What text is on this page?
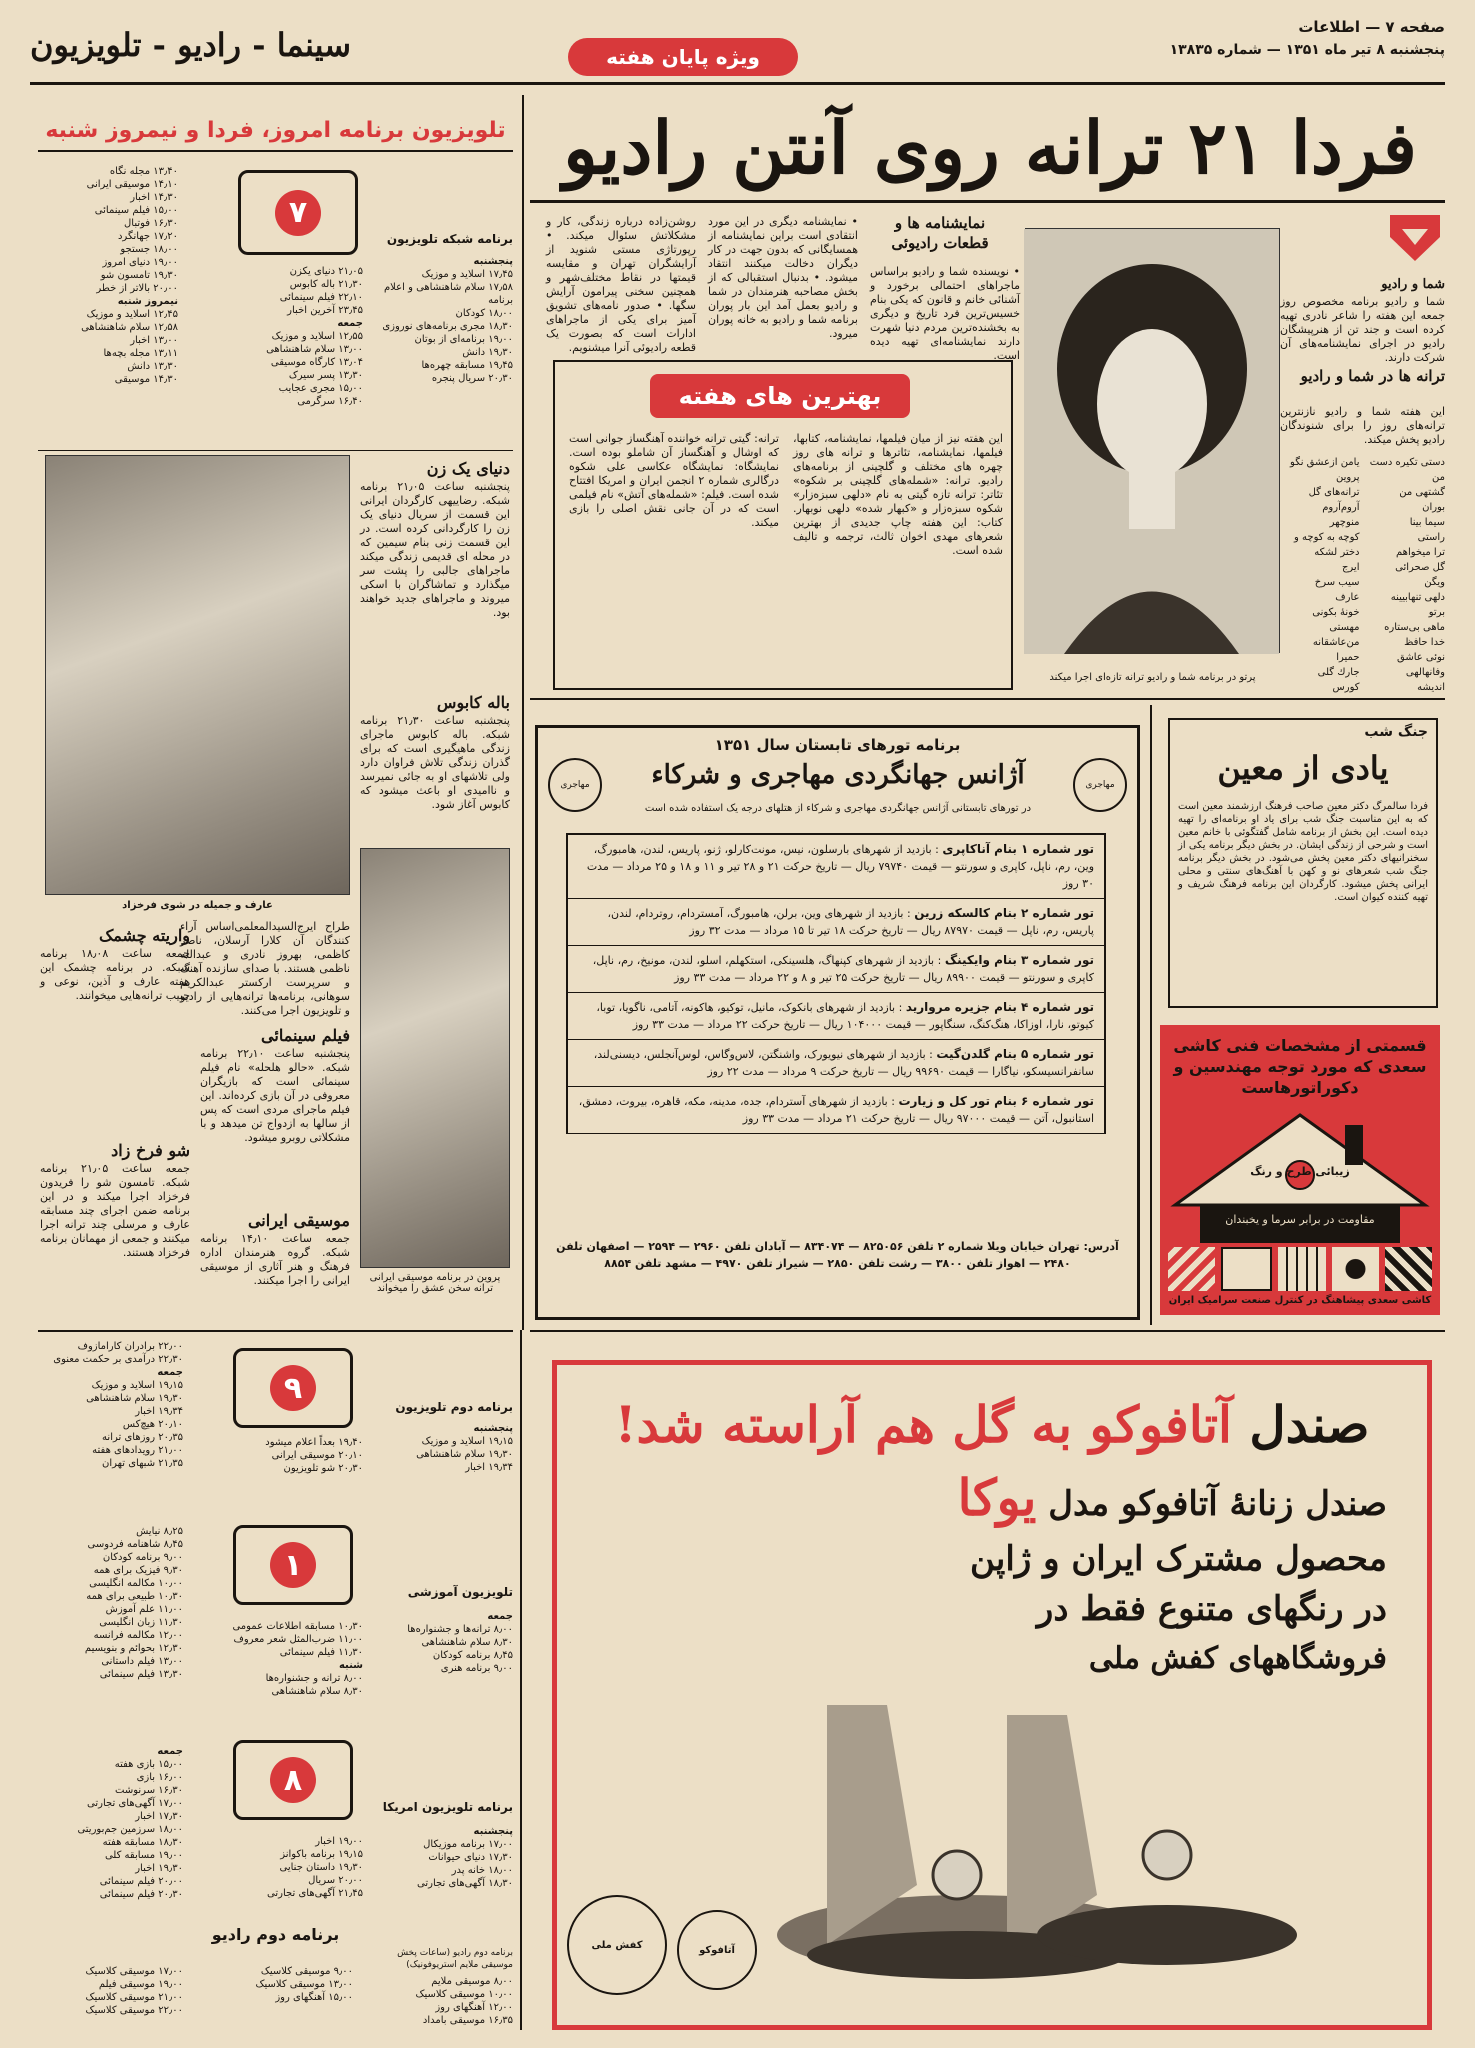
صفحه ۷ — اطلاعات
پنجشنبه ۸ تیر ماه ۱۳۵۱ — شماره ۱۳۸۳۵
ویژه پایان هفته
سینما - رادیو - تلویزیون
فردا ۲۱ ترانه روی آنتن رادیو
شما و رادیو
شما و رادیو برنامه مخصوص روز جمعه این هفته را شاعر نادری تهیه کرده است و جند تن از هنرپیشگان رادیو در اجرای نمایشنامه‌های آن شرکت دارند.
ترانه ها در شما و رادیو
این هفته شما و رادیو نازنترین ترانه‌های روز را برای شنوندگان رادیو پخش میکند.
دستی تکیره دست من
گشتهی من
بوران
سیما بینا
راستی
ترا میخواهم
گل صحرائی
ویگن
دلهی تنهابیینه
برتو
ماهی بی‌ستاره
خدا حافظ
نوئی عاشق وفانهالهی
اندیشه
یامن ازعشق نگو
پروین
ترانه‌های گل آروم‌آروم
منوچهر
کوچه به کوچه و دختر لشکه
ایرج
سیب سرخ
عارف
خونهٔ بکونی
مهستی
من‌عاشقانه
حمیرا
جارك گلی
کورس
پرتو در برنامه شما و رادیو ترانه تازه‌ای اجرا میکند
نمایشنامه ها و قطعات رادیوئی
• نویسنده شما و رادیو براساس ماجراهای احتمالی برخورد و آشنائی خانم و قانون که یکی بنام خسیس‌ترین فرد تاریخ و دیگری به بخشنده‌ترین مردم دنیا شهرت دارند نمایشنامه‌ای تهیه دیده است.
• نمایشنامه دیگری در این مورد انتقادی است براین نمایشنامه از همسایگانی که بدون جهت در کار دیگران دخالت میکنند انتقاد میشود. • بدنبال استقبالی که از بخش مصاحبه هنرمندان در شما و رادیو بعمل آمد این بار پوران برنامه شما و رادیو به خانه پوران میرود.
روشن‌زاده درباره زندگی، کار و مشکلاتش سئوال میکند. • رپورتاژی مستی شنوید از آرایشگران تهران و مقایسه قیمتها در نقاط مختلف‌شهر و همچنین سخنی پیرامون آرایش سگها. • صدور نامه‌های تشویق آمیز برای یکی از ماجراهای ادارات است که بصورت یک قطعه رادیوئی آنرا میشنویم.
بهترین های هفته
این هفته نیز از میان فیلمها، نمایشنامه، کتابها، فیلمها، نمایشنامه، تئاترها و ترانه های روز چهره های مختلف و گلچینی از برنامه‌های رادیو. ترانه: «شمله‌های گلچینی بر شکوه» تئاتر: ترانه تازه گیتی به نام «دلهی سبزه‌زار» شکوه سبزه‌زار و «کبهار شده» دلهی نوبهار. کتاب: این هفته چاپ جدیدی از بهترین شعرهای مهدی اخوان ثالث، ترجمه و تالیف شده است.
ترانه: گیتی ترانه خواننده آهنگساز جوانی است که اوشال و آهنگساز آن شاملو بوده است. نمایشگاه: نمایشگاه عکاسی علی شکوه درگالری شماره ۲ انجمن ایران و امریکا افتتاح شده است. فیلم: «شمله‌های آتش» نام فیلمی است که در آن جانی نقش اصلی را بازی میکند.
جنگ شب
یادی از معین
فردا سالمرگ دکتر معین صاحب فرهنگ ارزشمند معین است که به این مناسبت جنگ شب برای یاد او برنامه‌ای را تهیه دیده است. این بخش از برنامه شامل گفتگوئی با خانم معین است و شرحی از زندگی ایشان. در بخش دیگر برنامه یکی از سخنرانیهای دکتر معین پخش می‌شود. در بخش دیگر برنامه جنگ شب شعرهای نو و کهن با آهنگ‌های سنتی و محلی ایرانی پخش میشود. کارگردان این برنامه فرهنگ شریف و تهیه کننده کیوان است.
قسمتی از مشخصات فنی کاشی سعدی که مورد توجه مهندسین و دکوراتورهاست
زیبائی طرح و رنگ
مقاومت در برابر سرما و یخبندان
کاشی سعدی پیشاهنگ در کنترل صنعت سرامیک ایران
برنامه تورهای تابستان سال ۱۳۵۱
آژانس جهانگردی مهاجری و شرکاء	مهاجری
مهاجری
در تورهای تابستانی آژانس جهانگردی مهاجری و شرکاء از هتلهای درجه یک استفاده شده است
تور شماره ۱ بنام آناکاپری : بازدید از شهرهای بارسلون، نیس، مونت‌کارلو، ژنو، پاریس، لندن، هامبورگ، وین، رم، ناپل، کاپری و سورنتو — قیمت ۷۹۷۴۰ ریال — تاریخ حرکت ۲۱ و ۲۸ تیر و ۱۱ و ۱۸ و ۲۵ مرداد — مدت ۳۰ روز
تور شماره ۲ بنام کالسکه زرین : بازدید از شهرهای وین، برلن، هامبورگ، آمستردام، روتردام، لندن، پاریس، رم، ناپل — قیمت ۸۷۹۷۰ ریال — تاریخ حرکت ۱۸ تیر تا ۱۵ مرداد — مدت ۳۲ روز
تور شماره ۳ بنام وایکینگ : بازدید از شهرهای کپنهاگ، هلسینکی، استکهلم، اسلو، لندن، مونیخ، رم، ناپل، کاپری و سورنتو — قیمت ۸۹۹۰۰ ریال — تاریخ حرکت ۲۵ تیر و ۸ و ۲۲ مرداد — مدت ۳۳ روز
تور شماره ۴ بنام جزیره مروارید : بازدید از شهرهای بانکوک، مانیل، توکیو، هاکونه، آتامی، ناگویا، توبا، کیوتو، نارا، اوزاکا، هنگ‌کنگ، سنگاپور — قیمت ۱۰۴۰۰۰ ریال — تاریخ حرکت ۲۲ مرداد — مدت ۳۳ روز
تور شماره ۵ بنام گلدن‌گیت : بازدید از شهرهای نیویورک، واشنگتن، لاس‌وگاس، لوس‌آنجلس، دیسنی‌لند، سانفرانسیسکو، نیاگارا — قیمت ۹۹۶۹۰ ریال — تاریخ حرکت ۹ مرداد — مدت ۲۲ روز
تور شماره ۶ بنام تور کل و زیارت : بازدید از شهرهای آستردام، جده، مدینه، مکه، قاهره، بیروت، دمشق، استانبول، آتن — قیمت ۹۷۰۰۰ ریال — تاریخ حرکت ۲۱ مرداد — مدت ۳۳ روز
آدرس: تهران خیابان ویلا شماره ۲ تلفن ۸۲۵۰۵۶ — ۸۳۴۰۷۴ — آبادان تلفن ۲۹۶۰ — ۲۵۹۴ — اصفهان تلفن ۲۴۸۰ — اهواز تلفن ۳۸۰۰ — رشت تلفن ۲۸۵۰ — شیراز تلفن ۴۹۷۰ — مشهد تلفن ۸۸۵۴
صندل آتافوکو به گل هم آراسته شد!
صندل زنانهٔ آتافوکو مدل یوکا
محصول مشترک ایران و ژاپن
در رنگهای متنوع فقط در
فروشگاههای کفش ملی
کفش ملی	آتافوکو
تلویزیون برنامه امروز، فردا و نیمروز شنبه
۷
برنامه شبکه تلویزیون
پنجشنبه
۱۷٫۴۵ اسلاید و موزیک
۱۷٫۵۸ سلام شاهنشاهی و اعلام برنامه
۱۸٫۰۰ کودکان
۱۸٫۳۰ مجری برنامه‌های نوروزی
۱۹٫۰۰ برنامه‌ای از بوتان
۱۹٫۳۰ دانش
۱۹٫۴۵ مسابقه چهره‌ها
۲۰٫۳۰ سریال پنجره
۲۱٫۰۵ دنیای یکزن
۲۱٫۳۰ باله کابوس
۲۲٫۱۰ فیلم سینمائی
۲۳٫۴۵ آخرین اخبار
جمعه
۱۲٫۵۵ اسلاید و موزیک
۱۳٫۰۰ سلام شاهنشاهی
۱۳٫۰۴ کارگاه موسیقی
۱۳٫۳۰ پسر سیرک
۱۵٫۰۰ مجری عجایب
۱۶٫۴۰ سرگرمی
۱۳٫۴۰ مجله نگاه
۱۴٫۱۰ موسیقی ایرانی
۱۴٫۳۰ اخبار
۱۵٫۰۰ فیلم سینمائی
۱۶٫۳۰ فوتبال
۱۷٫۲۰ جهانگرد
۱۸٫۰۰ جستجو
۱۹٫۰۰ دنیای امروز
۱۹٫۳۰ تامسون شو
۲۰٫۰۰ بالاتر از خطر
نیمروز شنبه
۱۲٫۴۵ اسلاید و موزیک
۱۲٫۵۸ سلام شاهنشاهی
۱۳٫۰۰ اخبار
۱۳٫۱۱ مجله بچه‌ها
۱۳٫۳۰ دانش
۱۴٫۳۰ موسیقی
عارف و جمیله در شوی فرخزاد
دنیای یک زن
پنجشنبه ساعت ۲۱٫۰۵ برنامه شبکه. رضاییهی کارگردان ایرانی این قسمت از سریال دنیای یک زن را کارگردانی کرده است. در این قسمت زنی بنام سیمین که در محله ای قدیمی زندگی میکند ماجراهای جالبی را پشت سر میگذارد و تماشاگران با اسکی میروند و ماجراهای جدید خواهند بود.
باله کابوس
پنجشنبه ساعت ۲۱٫۳۰ برنامه شبکه. باله کابوس ماجرای زندگی ماهیگیری است که برای گذران زندگی تلاش فراوان دارد ولی تلاشهای او به جائی نمیرسد و ناامیدی او باعث میشود که کابوس آغاز شود.
پروین در برنامه موسیقی ایرانی ترانه سخن عشق را میخواند
طراح ایرج‌السیدالمعلمی‌اساس آراء کنندگان آن کلارا آرسلان، ناصر کاظمی، بهروز نادری و عبدالله ناظمی هستند. با صدای سازنده آهنگ و سرپرست ارکستر عبدالکریم سوهانی، برنامه‌ها ترانه‌هایی از رادیو و تلویزیون اجرا می‌کنند.
فیلم سینمائی
پنجشنبه ساعت ۲۲٫۱۰ برنامه شبکه. «حالو هلحله» نام فیلم سینمائی است که بازیگران معروفی در آن بازی کرده‌اند. این فیلم ماجرای مردی است که پس از سالها به ازدواج تن میدهد و با مشکلاتی روبرو میشود.
موسیقی ایرانی
جمعه ساعت ۱۴٫۱۰ برنامه شبکه. گروه هنرمندان اداره فرهنگ و هنر آثاری از موسیقی ایرانی را اجرا میکنند.
واریته چشمک
جمعه ساعت ۱۸٫۰۸ برنامه شبکه. در برنامه چشمک این هفته عارف و آذین، نوعی و حبیب ترانه‌هایی میخوانند.
شو فرخ زاد
جمعه ساعت ۲۱٫۰۵ برنامه شبکه. تامسون شو را فریدون فرخزاد اجرا میکند و در این برنامه ضمن اجرای چند مسابقه عارف و مرسلی چند ترانه اجرا میکنند و جمعی از مهمانان برنامه فرخزاد هستند.
۹
برنامه دوم تلویزیون
پنجشنبه
۱۹٫۱۵ اسلاید و موزیک
۱۹٫۳۰ سلام شاهنشاهی
۱۹٫۳۴ اخبار
۱۹٫۴۰ بعداً اعلام میشود
۲۰٫۱۰ موسیقی ایرانی
۲۰٫۳۰ شو تلویزیون
۲۲٫۰۰ برادران کارامازوف
۲۲٫۳۰ درآمدی بر حکمت معنوی
جمعه
۱۹٫۱۵ اسلاید و موزیک
۱۹٫۳۰ سلام شاهنشاهی
۱۹٫۳۴ اخبار
۲۰٫۱۰ هیچ‌کس
۲۰٫۳۵ روزهای ترانه
۲۱٫۰۰ رویدادهای هفته
۲۱٫۳۵ شبهای تهران
۱
تلویزیون آموزشی
جمعه
۸٫۰۰ ترانه‌ها و جشنواره‌ها
۸٫۳۰ سلام شاهنشاهی
۸٫۴۵ برنامه کودکان
۹٫۰۰ برنامه هنری
۱۰٫۳۰ مسابقه اطلاعات عمومی
۱۱٫۰۰ ضرب‌المثل شعر معروف
۱۱٫۳۰ فیلم سینمائی
شنبه
۸٫۰۰ ترانه و جشنواره‌ها
۸٫۳۰ سلام شاهنشاهی
۸٫۲۵ نیایش
۸٫۴۵ شاهنامه فردوسی
۹٫۰۰ برنامه کودکان
۹٫۳۰ فیزیک برای همه
۱۰٫۰۰ مکالمه انگلیسی
۱۰٫۳۰ طبیعی برای همه
۱۱٫۰۰ علم آموزش
۱۱٫۳۰ زبان انگلیسی
۱۲٫۰۰ مکالمه فرانسه
۱۲٫۳۰ بحوائم و بنویسیم
۱۳٫۰۰ فیلم داستانی
۱۳٫۳۰ فیلم سینمائی
۸
برنامه تلویزیون امریکا
پنجشنبه
۱۷٫۰۰ برنامه موزیکال
۱۷٫۳۰ دنیای حیوانات
۱۸٫۰۰ خانه پدر
۱۸٫۳۰ آگهی‌های تجارتی
۱۹٫۰۰ اخبار
۱۹٫۱۵ برنامه باکوانز
۱۹٫۳۰ داستان جنایی
۲۰٫۰۰ سریال
۲۱٫۴۵ آگهی‌های تجارتی
جمعه
۱۵٫۰۰ بازی هفته
۱۶٫۰۰ بازی
۱۶٫۳۰ سرنوشت
۱۷٫۰۰ آگهی‌های تجارتی
۱۷٫۳۰ اخبار
۱۸٫۰۰ سرزمین جم‌بوریتی
۱۸٫۳۰ مسابقه هفته
۱۹٫۰۰ مسابقه کلی
۱۹٫۳۰ اخبار
۲۰٫۰۰ فیلم سینمائی
۲۰٫۳۰ فیلم سینمائی
برنامه دوم رادیو
برنامه دوم رادیو (ساعات پخش موسیقی ملایم استریوفونیک)
۸٫۰۰ موسیقی ملایم
۱۰٫۰۰ موسیقی کلاسیک
۱۲٫۰۰ آهنگهای روز
۱۶٫۳۵ موسیقی بامداد
۹٫۰۰ موسیقی کلاسیک
۱۳٫۰۰ موسیقی کلاسیک
۱۵٫۰۰ آهنگهای روز
۱۷٫۰۰ موسیقی کلاسیک
۱۹٫۰۰ موسیقی فیلم
۲۱٫۰۰ موسیقی کلاسیک
۲۲٫۰۰ موسیقی کلاسیک
